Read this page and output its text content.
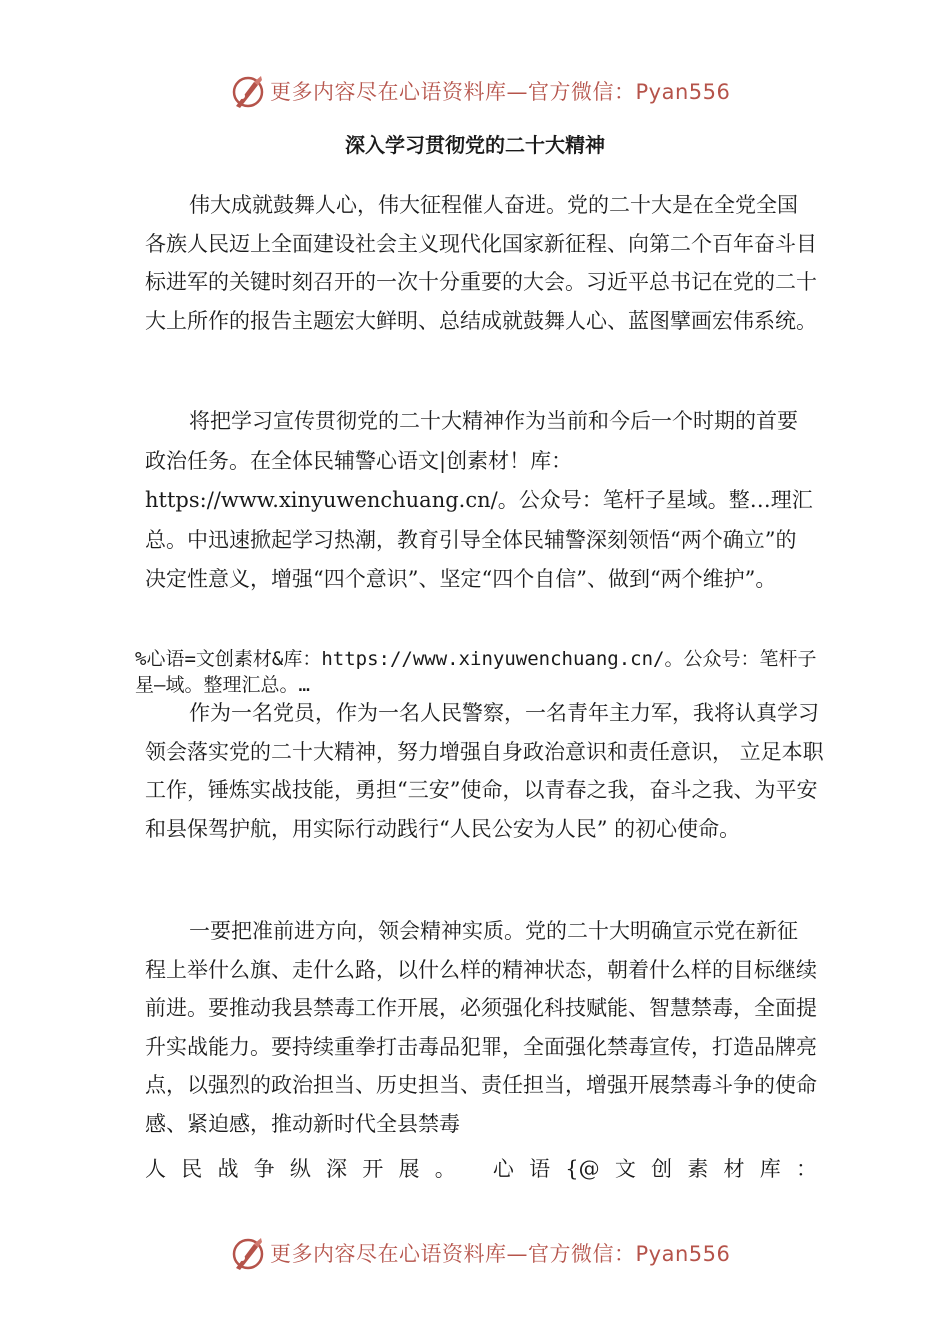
更多内容尽在心语资料库—官方微信：Pyan556
深入学习贯彻党的二十大精神

伟大成就鼓舞人心，伟大征程催人奋进。党的二十大是在全党全国各族人民迈上全面建设社会主义现代化国家新征程、向第二个百年奋斗目标进军的关键时刻召开的一次十分重要的大会。习近平总书记在党的二十大上所作的报告主题宏大鲜明、总结成就鼓舞人心、蓝图擘画宏伟系统。

将把学习宣传贯彻党的二十大精神作为当前和今后一个时期的首要政治任务。在全体民辅警心语文|创素材！库：https://www.xinyuwenchuang.cn/。公众号：笔杆子星域。整…理汇总。中迅速掀起学习热潮，教育引导全体民辅警深刻领悟“两个确立”的决定性意义，增强“四个意识”、坚定“四个自信”、做到“两个维护”。

%心语=文创素材&库：https://www.xinyuwenchuang.cn/。公众号：笔杆子星—域。整理汇总。…

作为一名党员，作为一名人民警察，一名青年主力军，我将认真学习领会落实党的二十大精神，努力增强自身政治意识和责任意识， 立足本职工作，锤炼实战技能，勇担“三安”使命，以青春之我，奋斗之我、为平安和县保驾护航，用实际行动践行“人民公安为人民” 的初心使命。

一要把准前进方向，领会精神实质。党的二十大明确宣示党在新征程上举什么旗、走什么路，以什么样的精神状态，朝着什么样的目标继续前进。要推动我县禁毒工作开展，必须强化科技赋能、智慧禁毒，全面提升实战能力。要持续重拳打击毒品犯罪，全面强化禁毒宣传，打造品牌亮点，以强烈的政治担当、历史担当、责任担当，增强开展禁毒斗争的使命感、紧迫感，推动新时代全县禁毒

人民战争纵深开展。 心语{@文创素材库：

更多内容尽在心语资料库—官方微信：Pyan556
